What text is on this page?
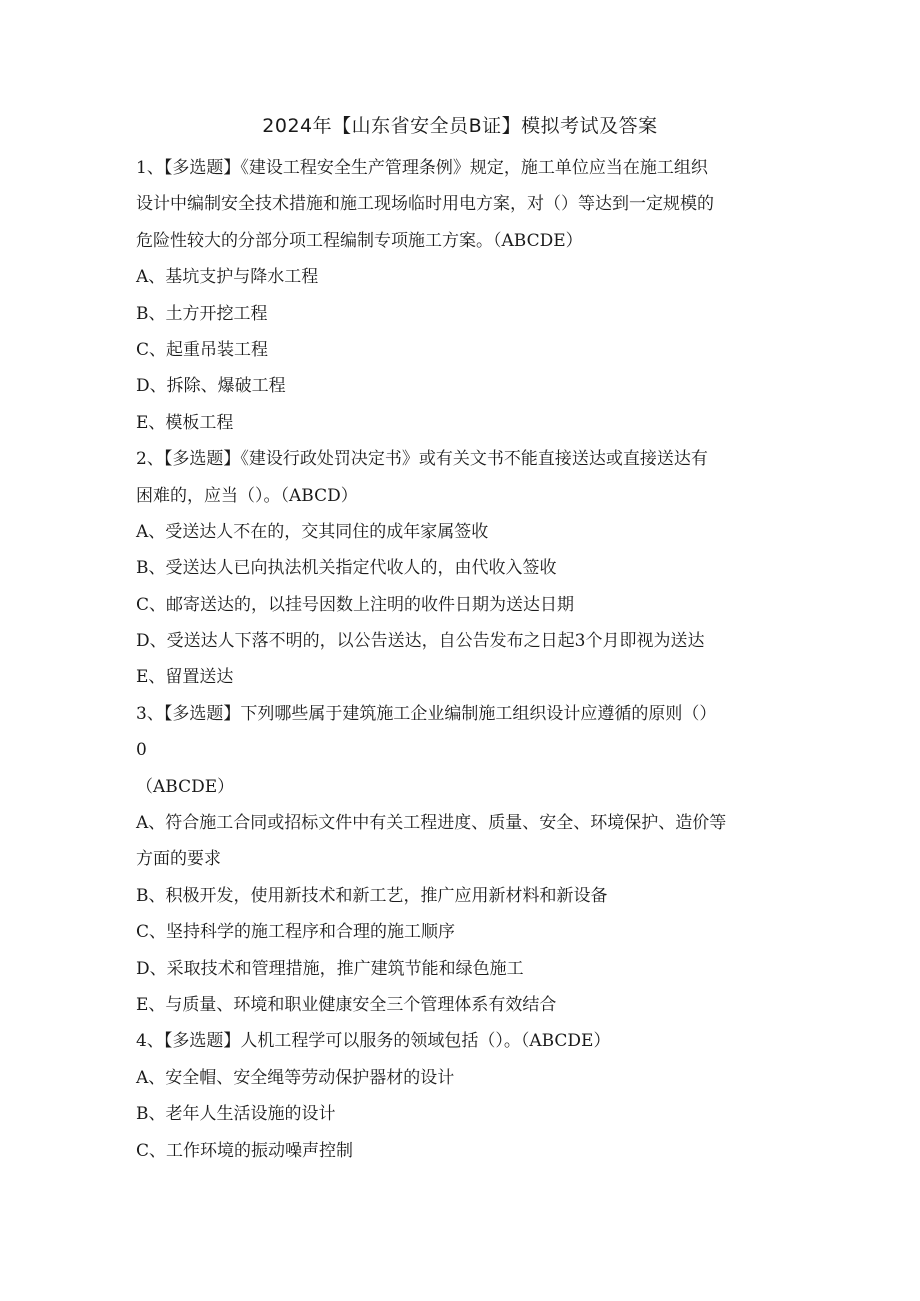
2024年【山东省安全员B证】模拟考试及答案
1、【多选题】《建设工程安全生产管理条例》规定，施工单位应当在施工组织
设计中编制安全技术措施和施工现场临时用电方案，对（）等达到一定规模的
危险性较大的分部分项工程编制专项施工方案。（ABCDE）
A、基坑支护与降水工程
B、土方开挖工程
C、起重吊装工程
D、拆除、爆破工程
E、模板工程
2、【多选题】《建设行政处罚决定书》或有关文书不能直接送达或直接送达有
困难的，应当（）。（ABCD）
A、受送达人不在的，交其同住的成年家属签收
B、受送达人已向执法机关指定代收人的，由代收入签收
C、邮寄送达的，以挂号因数上注明的收件日期为送达日期
D、受送达人下落不明的，以公告送达，自公告发布之日起3个月即视为送达
E、留置送达
3、【多选题】下列哪些属于建筑施工企业编制施工组织设计应遵循的原则（）
0
（ABCDE）
A、符合施工合同或招标文件中有关工程进度、质量、安全、环境保护、造价等
方面的要求
B、积极开发，使用新技术和新工艺，推广应用新材料和新设备
C、坚持科学的施工程序和合理的施工顺序
D、采取技术和管理措施，推广建筑节能和绿色施工
E、与质量、环境和职业健康安全三个管理体系有效结合
4、【多选题】人机工程学可以服务的领域包括（）。（ABCDE）
A、安全帽、安全绳等劳动保护器材的设计
B、老年人生活设施的设计
C、工作环境的振动噪声控制
